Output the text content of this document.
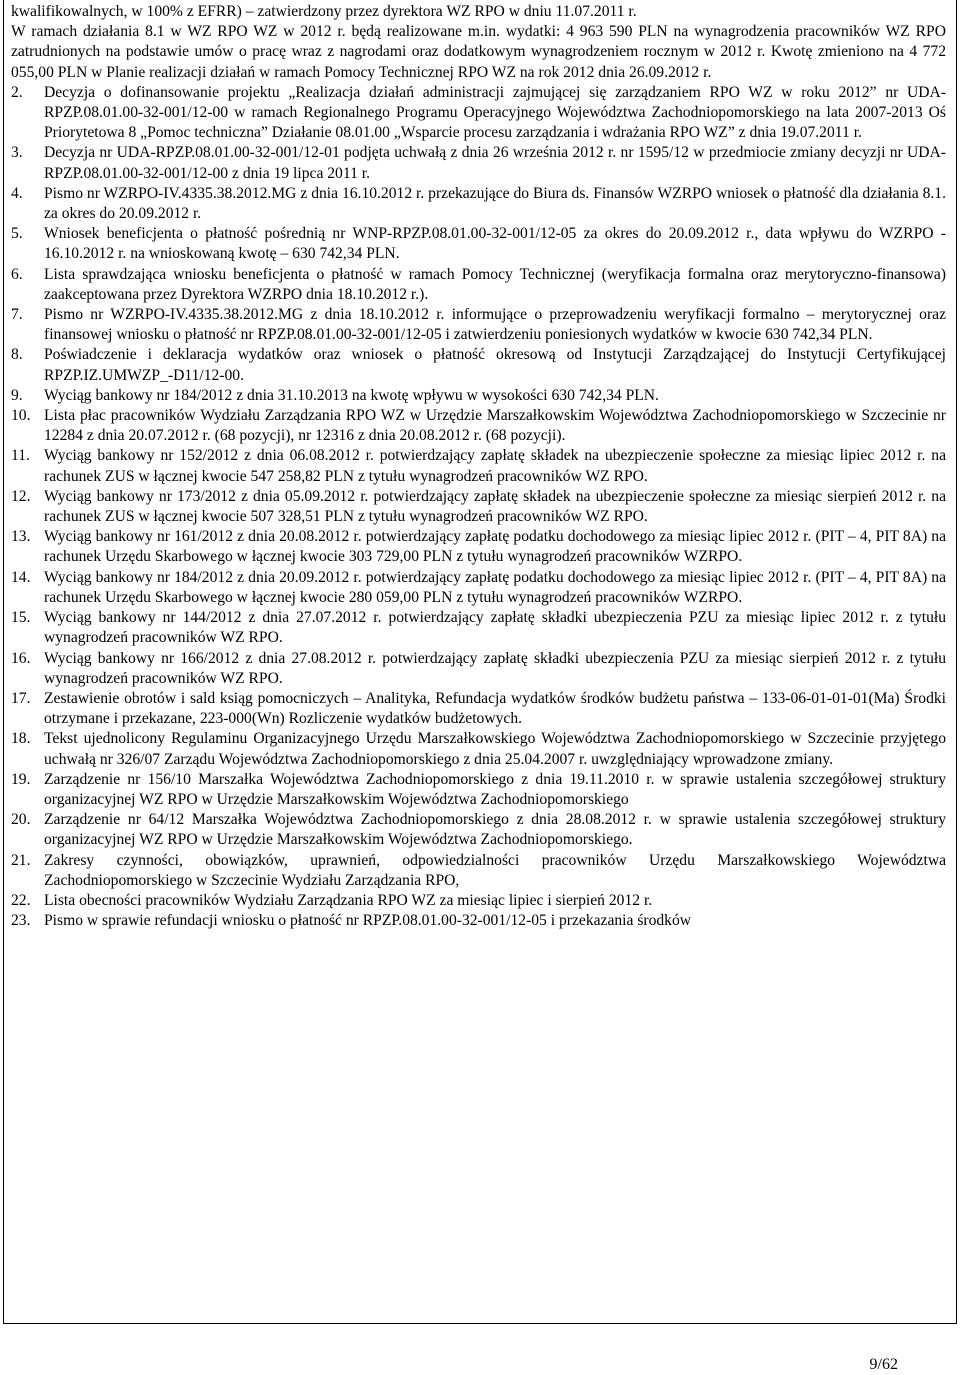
kwalifikowalnych, w 100% z EFRR) – zatwierdzony przez dyrektora WZ RPO w dniu 11.07.2011 r.
W ramach działania 8.1 w WZ RPO WZ w 2012 r. będą realizowane m.in. wydatki: 4 963 590 PLN na wynagrodzenia pracowników WZ RPO zatrudnionych na podstawie umów o pracę wraz z nagrodami oraz dodatkowym wynagrodzeniem rocznym w 2012 r. Kwotę zmieniono na 4 772 055,00 PLN w Planie realizacji działań w ramach Pomocy Technicznej RPO WZ na rok 2012 dnia 26.09.2012 r.
2. Decyzja o dofinansowanie projektu „Realizacja działań administracji zajmującej się zarządzaniem RPO WZ w roku 2012” nr UDA-RPZP.08.01.00-32-001/12-00 w ramach Regionalnego Programu Operacyjnego Województwa Zachodniopomorskiego na lata 2007-2013 Oś Priorytetowa 8 „Pomoc techniczna” Działanie 08.01.00 „Wsparcie procesu zarządzania i wdrażania RPO WZ” z dnia 19.07.2011 r.
3. Decyzja nr UDA-RPZP.08.01.00-32-001/12-01 podjęta uchwałą z dnia 26 września 2012 r. nr 1595/12 w przedmiocie zmiany decyzji nr UDA-RPZP.08.01.00-32-001/12-00 z dnia 19 lipca 2011 r.
4. Pismo nr WZRPO-IV.4335.38.2012.MG z dnia 16.10.2012 r. przekazujące do Biura ds. Finansów WZRPO wniosek o płatność dla działania 8.1. za okres do 20.09.2012 r.
5. Wniosek beneficjenta o płatność pośrednią nr WNP-RPZP.08.01.00-32-001/12-05 za okres do 20.09.2012 r., data wpływu do WZRPO - 16.10.2012 r. na wnioskowaną kwotę – 630 742,34 PLN.
6. Lista sprawdzająca wniosku beneficjenta o płatność w ramach Pomocy Technicznej (weryfikacja formalna oraz merytoryczno-finansowa) zaakceptowana przez Dyrektora WZRPO dnia 18.10.2012 r.).
7. Pismo nr WZRPO-IV.4335.38.2012.MG z dnia 18.10.2012 r. informujące o przeprowadzeniu weryfikacji formalno – merytorycznej oraz finansowej wniosku o płatność nr RPZP.08.01.00-32-001/12-05 i zatwierdzeniu poniesionych wydatków w kwocie 630 742,34 PLN.
8. Poświadczenie i deklaracja wydatków oraz wniosek o płatność okresową od Instytucji Zarządzającej do Instytucji Certyfikującej RPZP.IZ.UMWZP_-D11/12-00.
9. Wyciąg bankowy nr 184/2012 z dnia 31.10.2013 na kwotę wpływu w wysokości 630 742,34 PLN.
10. Lista płac pracowników Wydziału Zarządzania RPO WZ w Urzędzie Marszałkowskim Województwa Zachodniopomorskiego w Szczecinie nr 12284 z dnia 20.07.2012 r. (68 pozycji), nr 12316 z dnia 20.08.2012 r. (68 pozycji).
11. Wyciąg bankowy nr 152/2012 z dnia 06.08.2012 r. potwierdzający zapłatę składek na ubezpieczenie społeczne za miesiąc lipiec 2012 r. na rachunek ZUS w łącznej kwocie 547 258,82 PLN z tytułu wynagrodzeń pracowników WZ RPO.
12. Wyciąg bankowy nr 173/2012 z dnia 05.09.2012 r. potwierdzający zapłatę składek na ubezpieczenie społeczne za miesiąc sierpień 2012 r. na rachunek ZUS w łącznej kwocie 507 328,51 PLN z tytułu wynagrodzeń pracowników WZ RPO.
13. Wyciąg bankowy nr 161/2012 z dnia 20.08.2012 r. potwierdzający zapłatę podatku dochodowego za miesiąc lipiec 2012 r. (PIT – 4, PIT 8A) na rachunek Urzędu Skarbowego w łącznej kwocie 303 729,00 PLN z tytułu wynagrodzeń pracowników WZRPO.
14. Wyciąg bankowy nr 184/2012 z dnia 20.09.2012 r. potwierdzający zapłatę podatku dochodowego za miesiąc lipiec 2012 r. (PIT – 4, PIT 8A) na rachunek Urzędu Skarbowego w łącznej kwocie 280 059,00 PLN z tytułu wynagrodzeń pracowników WZRPO.
15. Wyciąg bankowy nr 144/2012 z dnia 27.07.2012 r. potwierdzający zapłatę składki ubezpieczenia PZU za miesiąc lipiec 2012 r. z tytułu wynagrodzeń pracowników WZ RPO.
16. Wyciąg bankowy nr 166/2012 z dnia 27.08.2012 r. potwierdzający zapłatę składki ubezpieczenia PZU za miesiąc sierpień 2012 r. z tytułu wynagrodzeń pracowników WZ RPO.
17. Zestawienie obrotów i sald ksiąg pomocniczych – Analityka, Refundacja wydatków środków budżetu państwa – 133-06-01-01-01(Ma) Środki otrzymane i przekazane, 223-000(Wn) Rozliczenie wydatków budżetowych.
18. Tekst ujednolicony Regulaminu Organizacyjnego Urzędu Marszałkowskiego Województwa Zachodniopomorskiego w Szczecinie przyjętego uchwałą nr 326/07 Zarządu Województwa Zachodniopomorskiego z dnia 25.04.2007 r. uwzględniający wprowadzone zmiany.
19. Zarządzenie nr 156/10 Marszałka Województwa Zachodniopomorskiego z dnia 19.11.2010 r. w sprawie ustalenia szczegółowej struktury organizacyjnej WZ RPO w Urzędzie Marszałkowskim Województwa Zachodniopomorskiego
20. Zarządzenie nr 64/12 Marszałka Województwa Zachodniopomorskiego z dnia 28.08.2012 r. w sprawie ustalenia szczegółowej struktury organizacyjnej WZ RPO w Urzędzie Marszałkowskim Województwa Zachodniopomorskiego.
21. Zakresy czynności, obowiązków, uprawnień, odpowiedzialności pracowników Urzędu Marszałkowskiego Województwa Zachodniopomorskiego w Szczecinie Wydziału Zarządzania RPO,
22. Lista obecności pracowników Wydziału Zarządzania RPO WZ za miesiąc lipiec i sierpień 2012 r.
23. Pismo w sprawie refundacji wniosku o płatność nr RPZP.08.01.00-32-001/12-05 i przekazania środków
9/62
